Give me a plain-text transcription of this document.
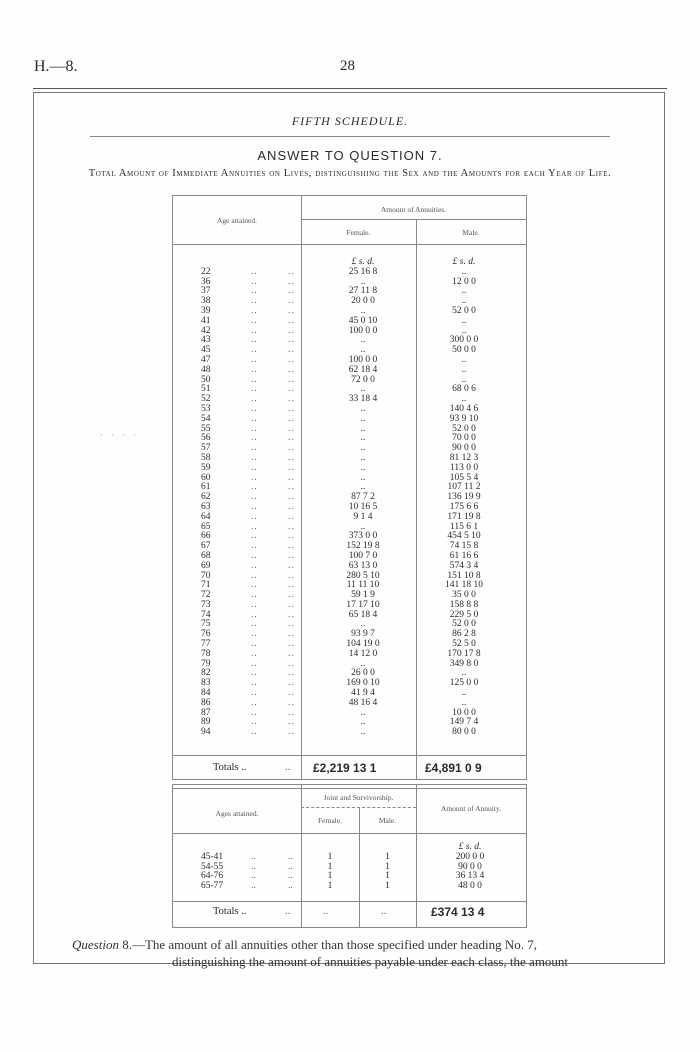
H.—8.	28
FIFTH SCHEDULE.
ANSWER TO QUESTION 7.
Total Amount of Immediate Annuities on Lives, distinguishing the Sex and the Amounts for each Year of Life.
····
Age attained.
Amount of Annuities.
Female.	Male.
£ s. d.	£ s. d.
22	..	..	25 16 8	..
36	..	..	..	12 0 0
37	..	..	27 11 8	..
38	..	..	20 0 0	..
39	..	..	..	52 0 0
41	..	..	45 0 10	..
42	..	..	100 0 0	..
43	..	..	..	300 0 0
45	..	..	..	50 0 0
47	..	..	100 0 0	..
48	..	..	62 18 4	..
50	..	..	72 0 0	..
51	..	..	..	68 0 6
52	..	..	33 18 4	..
53	..	..	..	140 4 6
54	..	..	..	93 9 10
55	..	..	..	52 0 0
56	..	..	..	70 0 0
57	..	..	..	90 0 0
58	..	..	..	81 12 3
59	..	..	..	113 0 0
60	..	..	..	105 5 4
61	..	..	..	107 11 2
62	..	..	87 7 2	136 19 9
63	..	..	10 16 5	175 6 6
64	..	..	9 1 4	171 19 8
65	..	..	..	115 6 1
66	..	..	373 0 0	454 5 10
67	..	..	152 19 8	74 15 8
68	..	..	100 7 0	61 16 6
69	..	..	63 13 0	574 3 4
70	..	..	280 5 10	151 10 8
71	..	..	11 11 10	141 18 10
72	..	..	59 1 9	35 0 0
73	..	..	17 17 10	158 8 8
74	..	..	65 18 4	229 5 0
75	..	..	..	52 0 0
76	..	..	93 9 7	86 2 8
77	..	..	104 19 0	52 5 0
78	..	..	14 12 0	170 17 8
79	..	..	..	349 8 0
82	..	..	26 0 0	..
83	..	..	169 0 10	125 0 0
84	..	..	41 9 4	..
86	..	..	48 16 4	..
87	..	..	..	10 0 0
89	..	..	..	149 7 4
94	..	..	..	80 0 0
Totals ..	.. £2,219 13 1	£4,891 0 9
Ages attained.
Joint and Survivorship.
Female.	Male.
Amount of Annuity.
£ s. d.
45-41	..	..	1	1	200 0 0
54-55	..	..	1	1	90 0 0
64-76	..	..	1	1	36 13 4
65-77	..	..	1	1	48 0 0
Totals ..	..	..	..	£374 13 4
Question 8.—The amount of all annuities other than those specified under heading No. 7,
distinguishing the amount of annuities payable under each class, the amount
